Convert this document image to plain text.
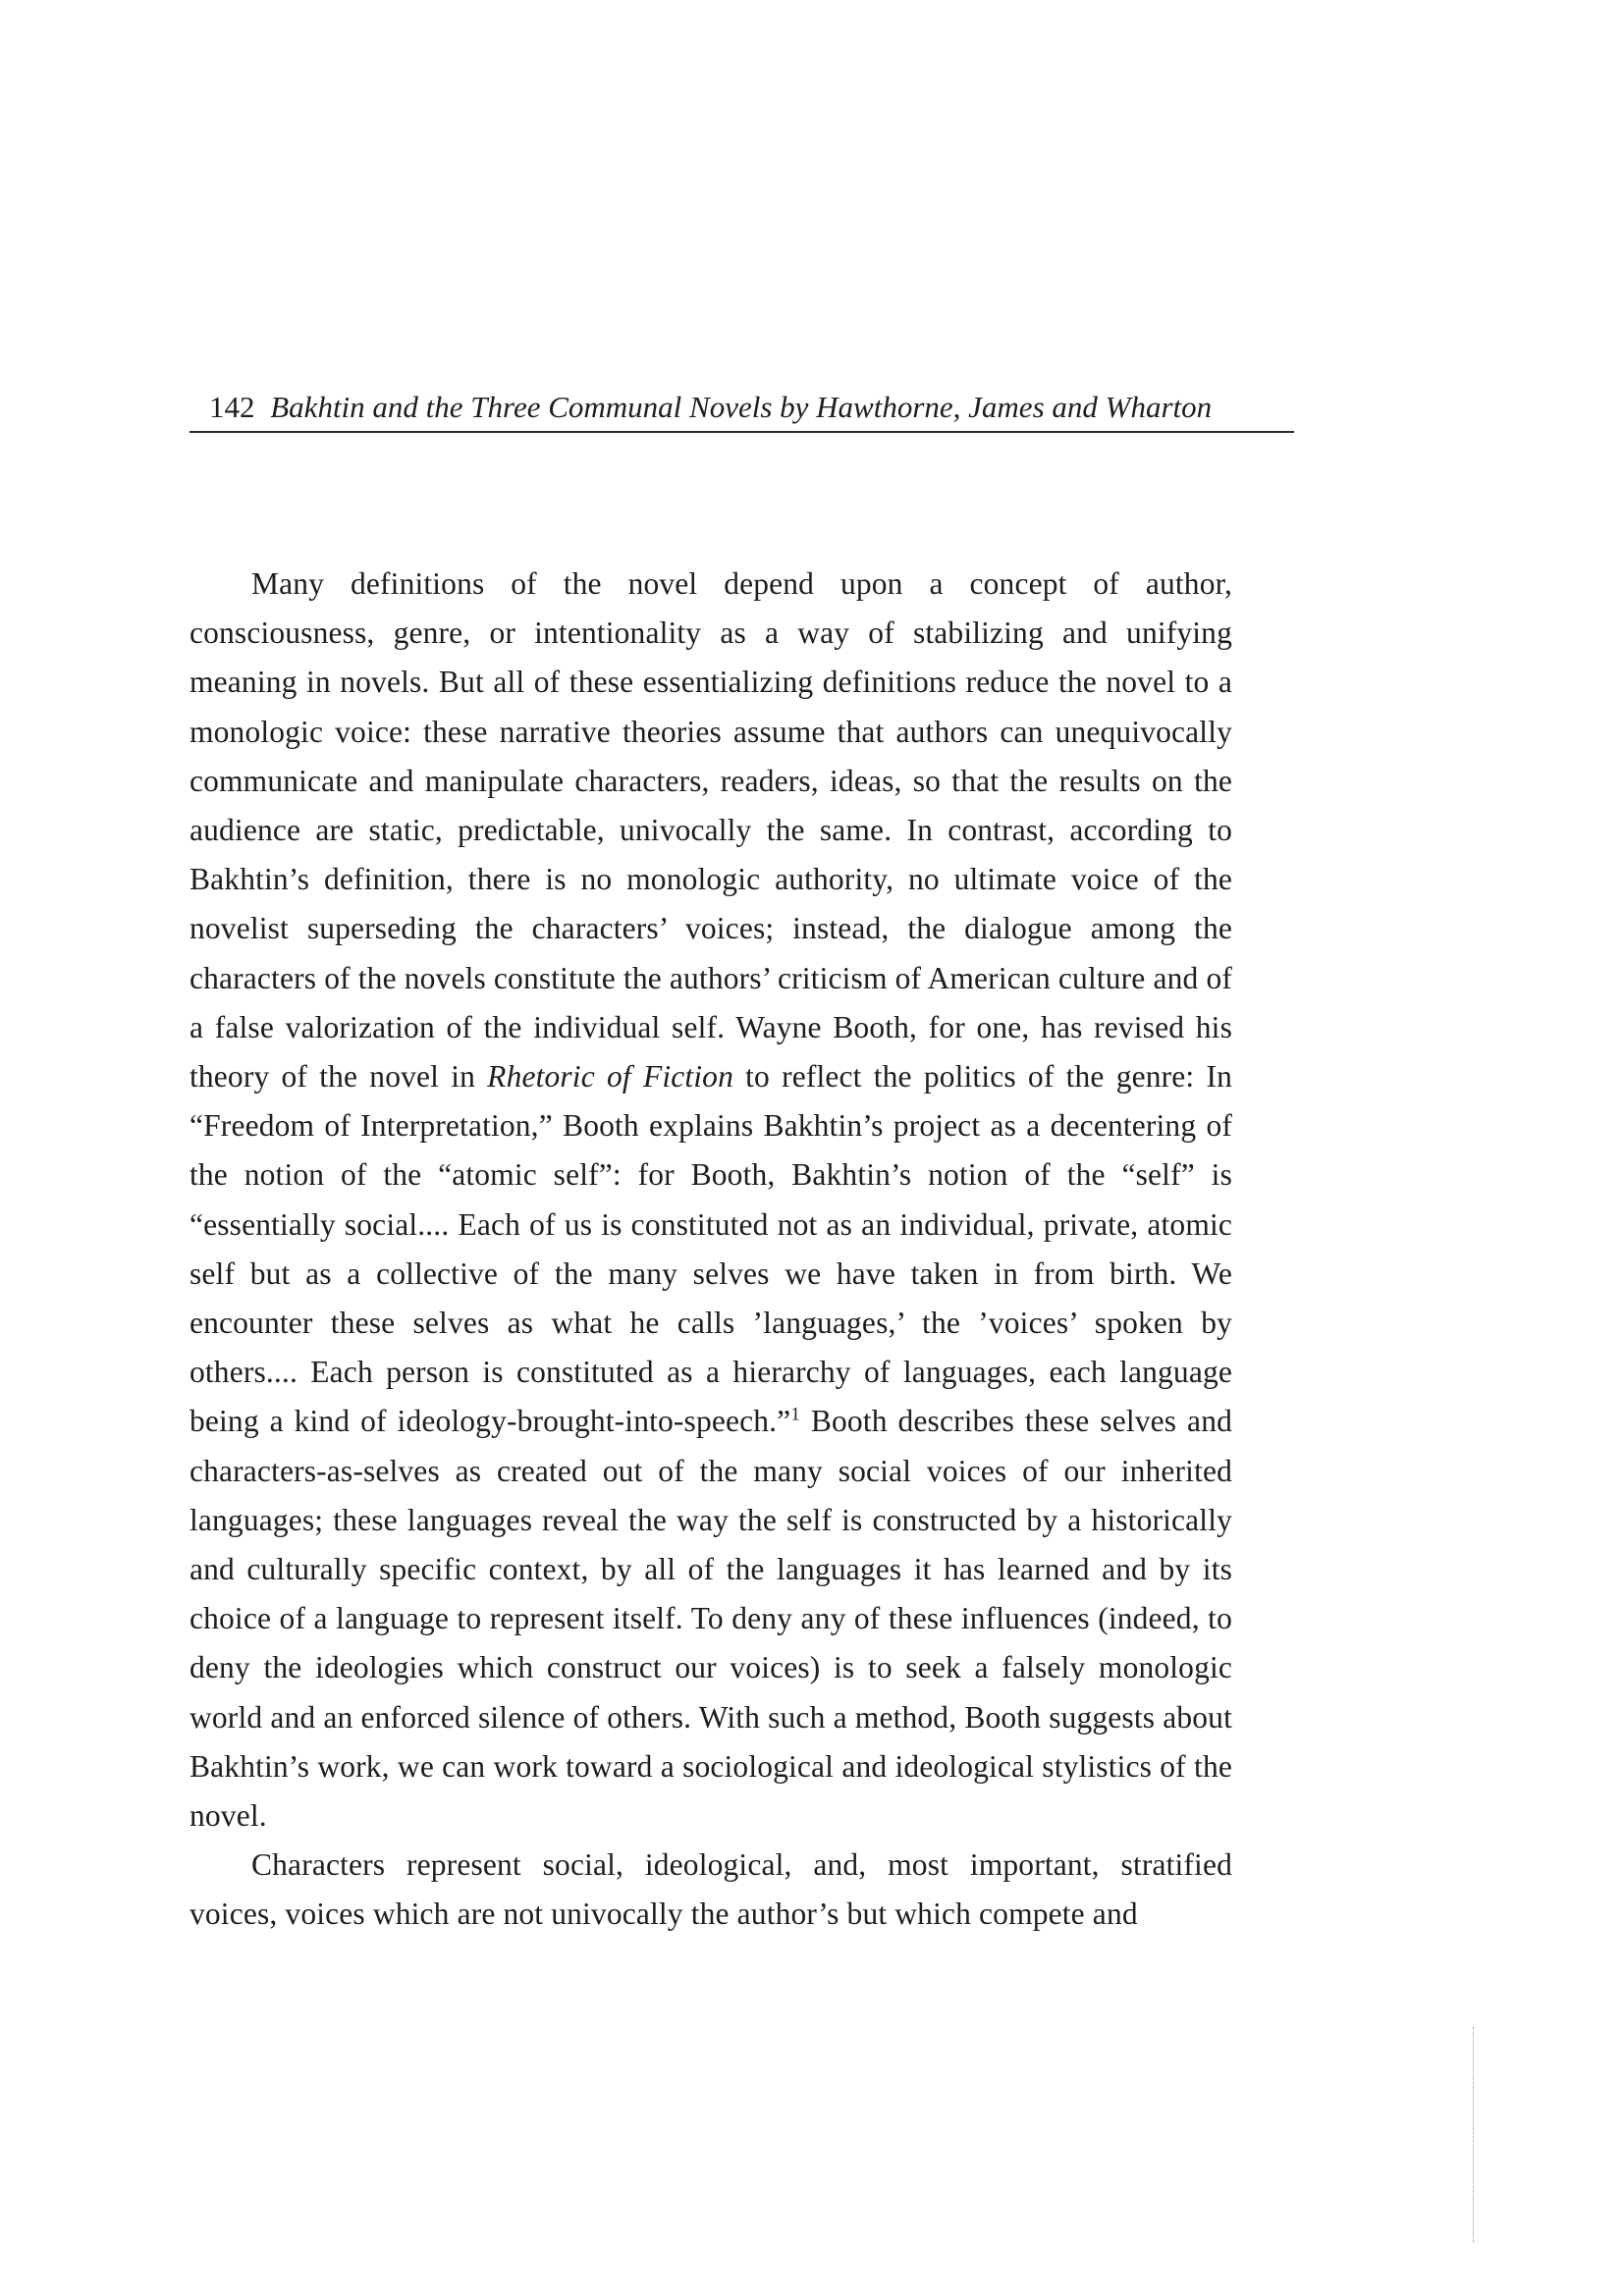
142 Bakhtin and the Three Communal Novels by Hawthorne, James and Wharton

Many definitions of the novel depend upon a concept of author, consciousness, genre, or intentionality as a way of stabilizing and unifying meaning in novels. But all of these essentializing definitions reduce the novel to a monologic voice: these narrative theories assume that authors can unequivocally communicate and manipulate characters, readers, ideas, so that the results on the audience are static, predictable, univocally the same. In contrast, according to Bakhtin’s definition, there is no monologic authority, no ultimate voice of the novelist superseding the characters’ voices; instead, the dialogue among the characters of the novels constitute the authors’ criticism of American culture and of a false valorization of the individual self. Wayne Booth, for one, has revised his theory of the novel in Rhetoric of Fiction to reflect the politics of the genre: In “Freedom of Interpretation,” Booth explains Bakhtin’s project as a decentering of the notion of the “atomic self”: for Booth, Bakhtin’s notion of the “self” is “essentially social.... Each of us is constituted not as an individual, private, atomic self but as a collective of the many selves we have taken in from birth. We encounter these selves as what he calls ’languages,’ the ’voices’ spoken by others.... Each person is constituted as a hierarchy of languages, each language being a kind of ideology-brought-into-speech.”$^1$ Booth describes these selves and characters-as-selves as created out of the many social voices of our inherited languages; these languages reveal the way the self is constructed by a historically and culturally specific context, by all of the languages it has learned and by its choice of a language to represent itself. To deny any of these influences (indeed, to deny the ideologies which construct our voices) is to seek a falsely monologic world and an enforced silence of others. With such a method, Booth suggests about Bakhtin’s work, we can work toward a sociological and ideological stylistics of the novel.

Characters represent social, ideological, and, most important, stratified voices, voices which are not univocally the author’s but which compete and
